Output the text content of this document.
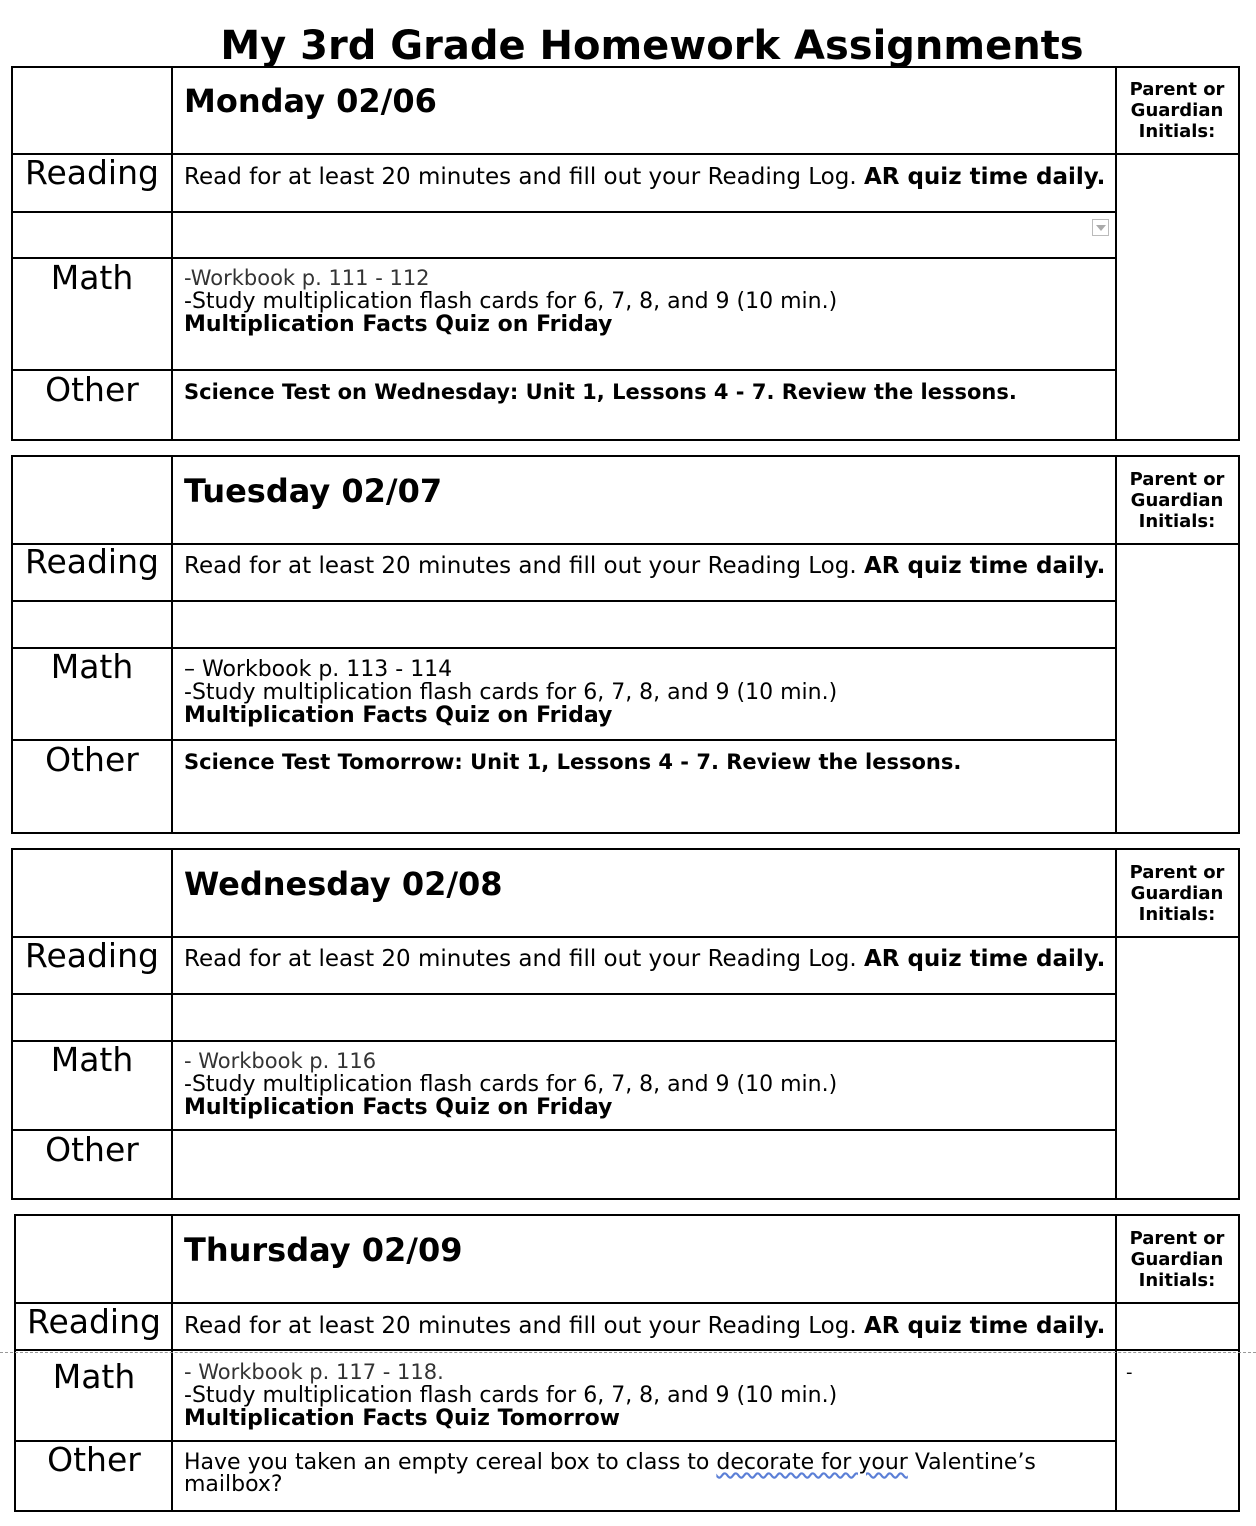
My 3rd Grade Homework Assignments
Monday 02/06	Parent or Guardian Initials:
Reading	Read for at least 20 minutes and fill out your Reading Log. AR quiz time daily.
Math	-Workbook p. 111 - 112
-Study multiplication flash cards for 6, 7, 8, and 9 (10 min.)
Multiplication Facts Quiz on Friday
Other	Science Test on Wednesday: Unit 1, Lessons 4 - 7. Review the lessons.
Tuesday 02/07	Parent or Guardian Initials:
Reading	Read for at least 20 minutes and fill out your Reading Log. AR quiz time daily.
Math	– Workbook p. 113 - 114
-Study multiplication flash cards for 6, 7, 8, and 9 (10 min.)
Multiplication Facts Quiz on Friday
Other	Science Test Tomorrow: Unit 1, Lessons 4 - 7. Review the lessons.
Wednesday 02/08	Parent or Guardian Initials:
Reading	Read for at least 20 minutes and fill out your Reading Log. AR quiz time daily.
Math	- Workbook p. 116
-Study multiplication flash cards for 6, 7, 8, and 9 (10 min.)
Multiplication Facts Quiz on Friday
Other
Thursday 02/09	Parent or Guardian Initials:
Reading	Read for at least 20 minutes and fill out your Reading Log. AR quiz time daily.
Math	- Workbook p. 117 - 118.
-Study multiplication flash cards for 6, 7, 8, and 9 (10 min.)
Multiplication Facts Quiz Tomorrow
-
Other	Have you taken an empty cereal box to class to decorate for your Valentine’s mailbox?
